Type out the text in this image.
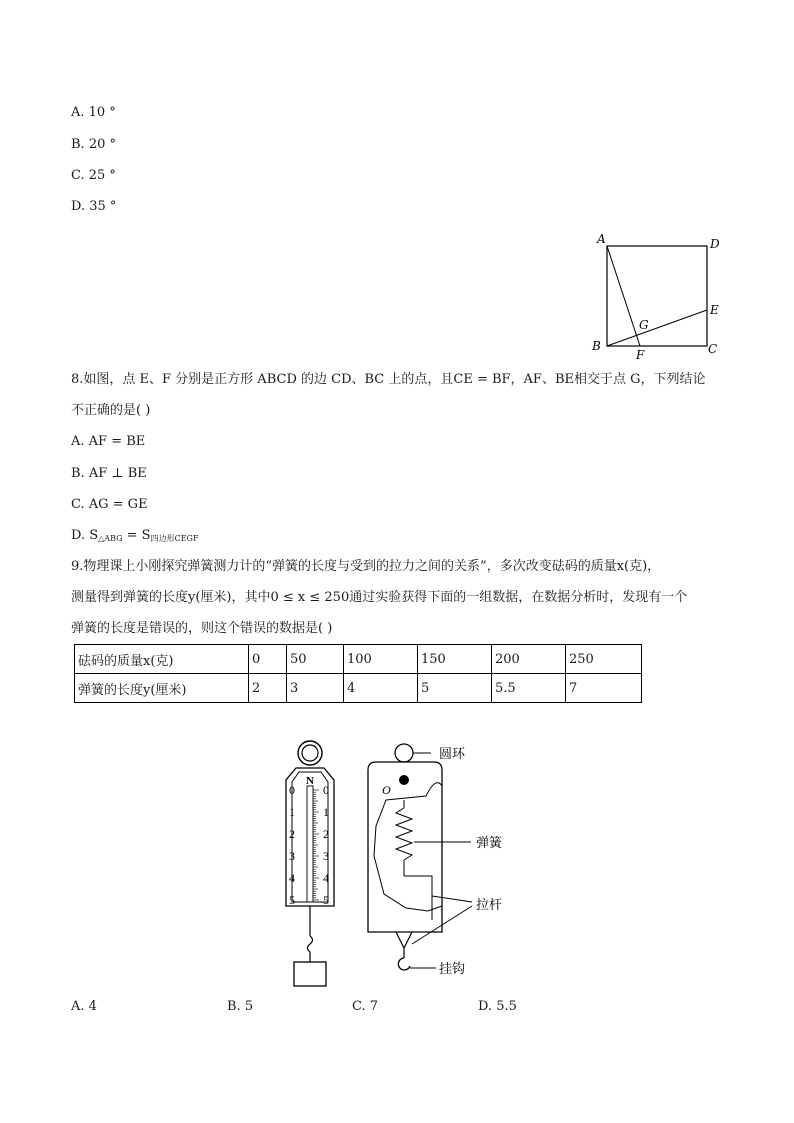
A. 10 °
B. 20 °
C. 25 °
D. 35 °
A	D
E
G
B
F	C
8.如图，点 E、F 分别是正方形 ABCD 的边 CD、BC 上的点，且CE = BF，AF、BE相交于点 G，下列结论
不正确的是( )
A. AF = BE
B. AF ⊥ BE
C. AG = GE
D. $S_{\triangle ABG} = S_{四边形CEGF}$
9.物理课上小刚探究弹簧测力计的“弹簧的长度与受到的拉力之间的关系”，多次改变砝码的质量x(克)，
测量得到弹簧的长度y(厘米)，其中0 ≤ x ≤ 250通过实验获得下面的一组数据，在数据分析时，发现有一个
弹簧的长度是错误的，则这个错误的数据是( )
砝码的质量x(克)	0	50	100	150	200	250
弹簧的长度y(厘米)	2	3	4	5	5.5	7
N
0
1
2
3
4
5
0
1
2
3
4
5
圆环
O
弹簧
拉杆
挂钩
A. 4	B. 5	C. 7	D. 5.5
